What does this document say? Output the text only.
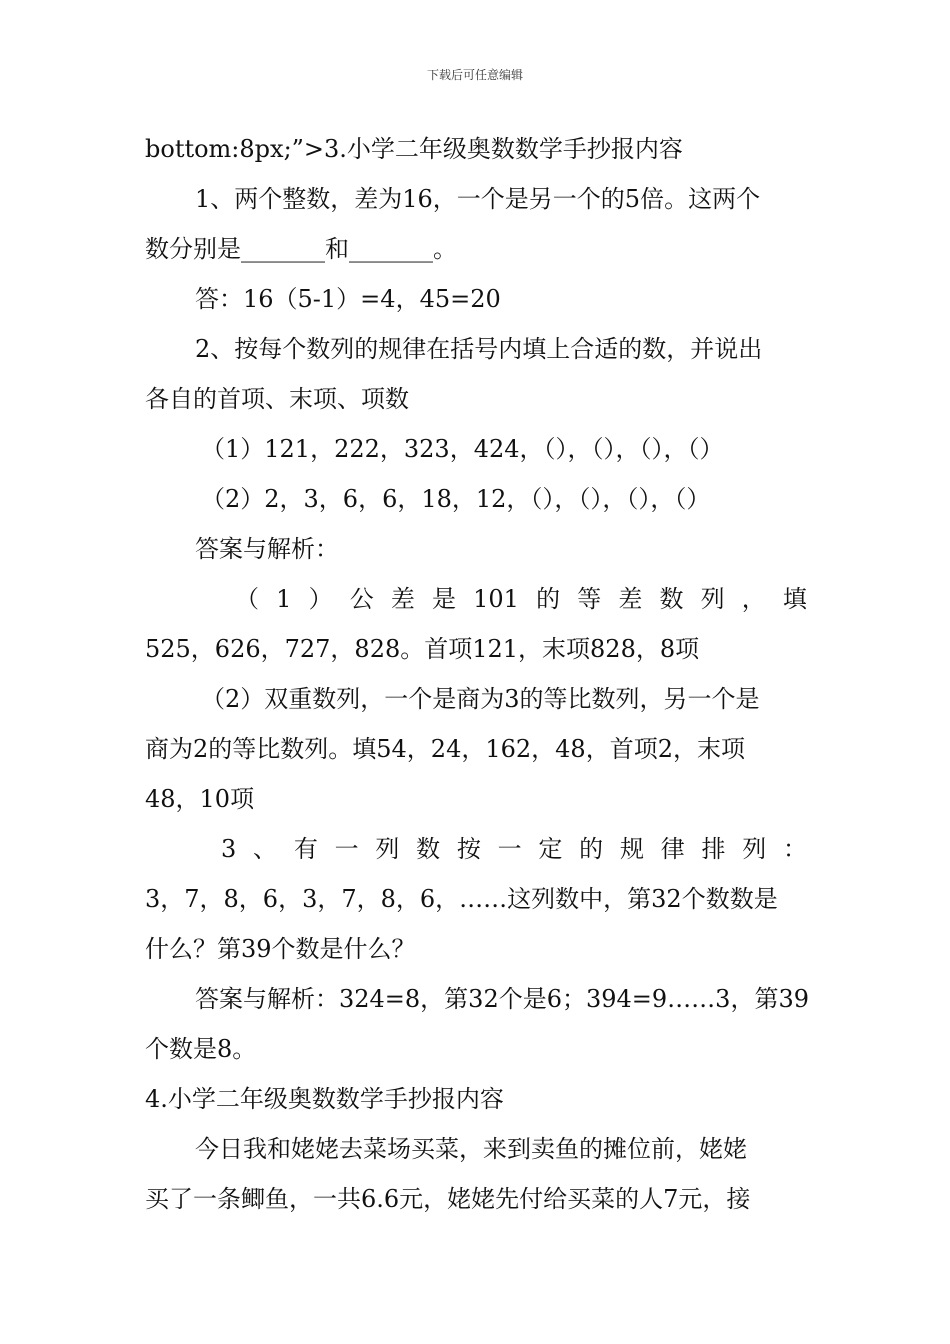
下载后可任意编辑
bottom:8px;”>3.小学二年级奥数数学手抄报内容
1、两个整数，差为16，一个是另一个的5倍。这两个
数分别是_______和_______。
答：16（5-1）=4，45=20
2、按每个数列的规律在括号内填上合适的数，并说出
各自的首项、末项、项数
（1）121，222，323，424，（），（），（），（）
（2）2，3，6，6，18，12，（），（），（），（）
答案与解析：
（ 1 ） 公 差 是 101 的 等 差 数 列 ， 填
525，626，727，828。首项121，末项828，8项
（2）双重数列，一个是商为3的等比数列，另一个是
商为2的等比数列。填54，24，162，48，首项2，末项
48，10项
3 、 有 一 列 数 按 一 定 的 规 律 排 列 ：
3，7，8，6，3，7，8，6，……这列数中，第32个数数是
什么？第39个数是什么？
答案与解析：324=8，第32个是6；394=9……3，第39
个数是8。
4.小学二年级奥数数学手抄报内容
今日我和姥姥去菜场买菜，来到卖鱼的摊位前，姥姥
买了一条鲫鱼，一共6.6元，姥姥先付给买菜的人7元，接
